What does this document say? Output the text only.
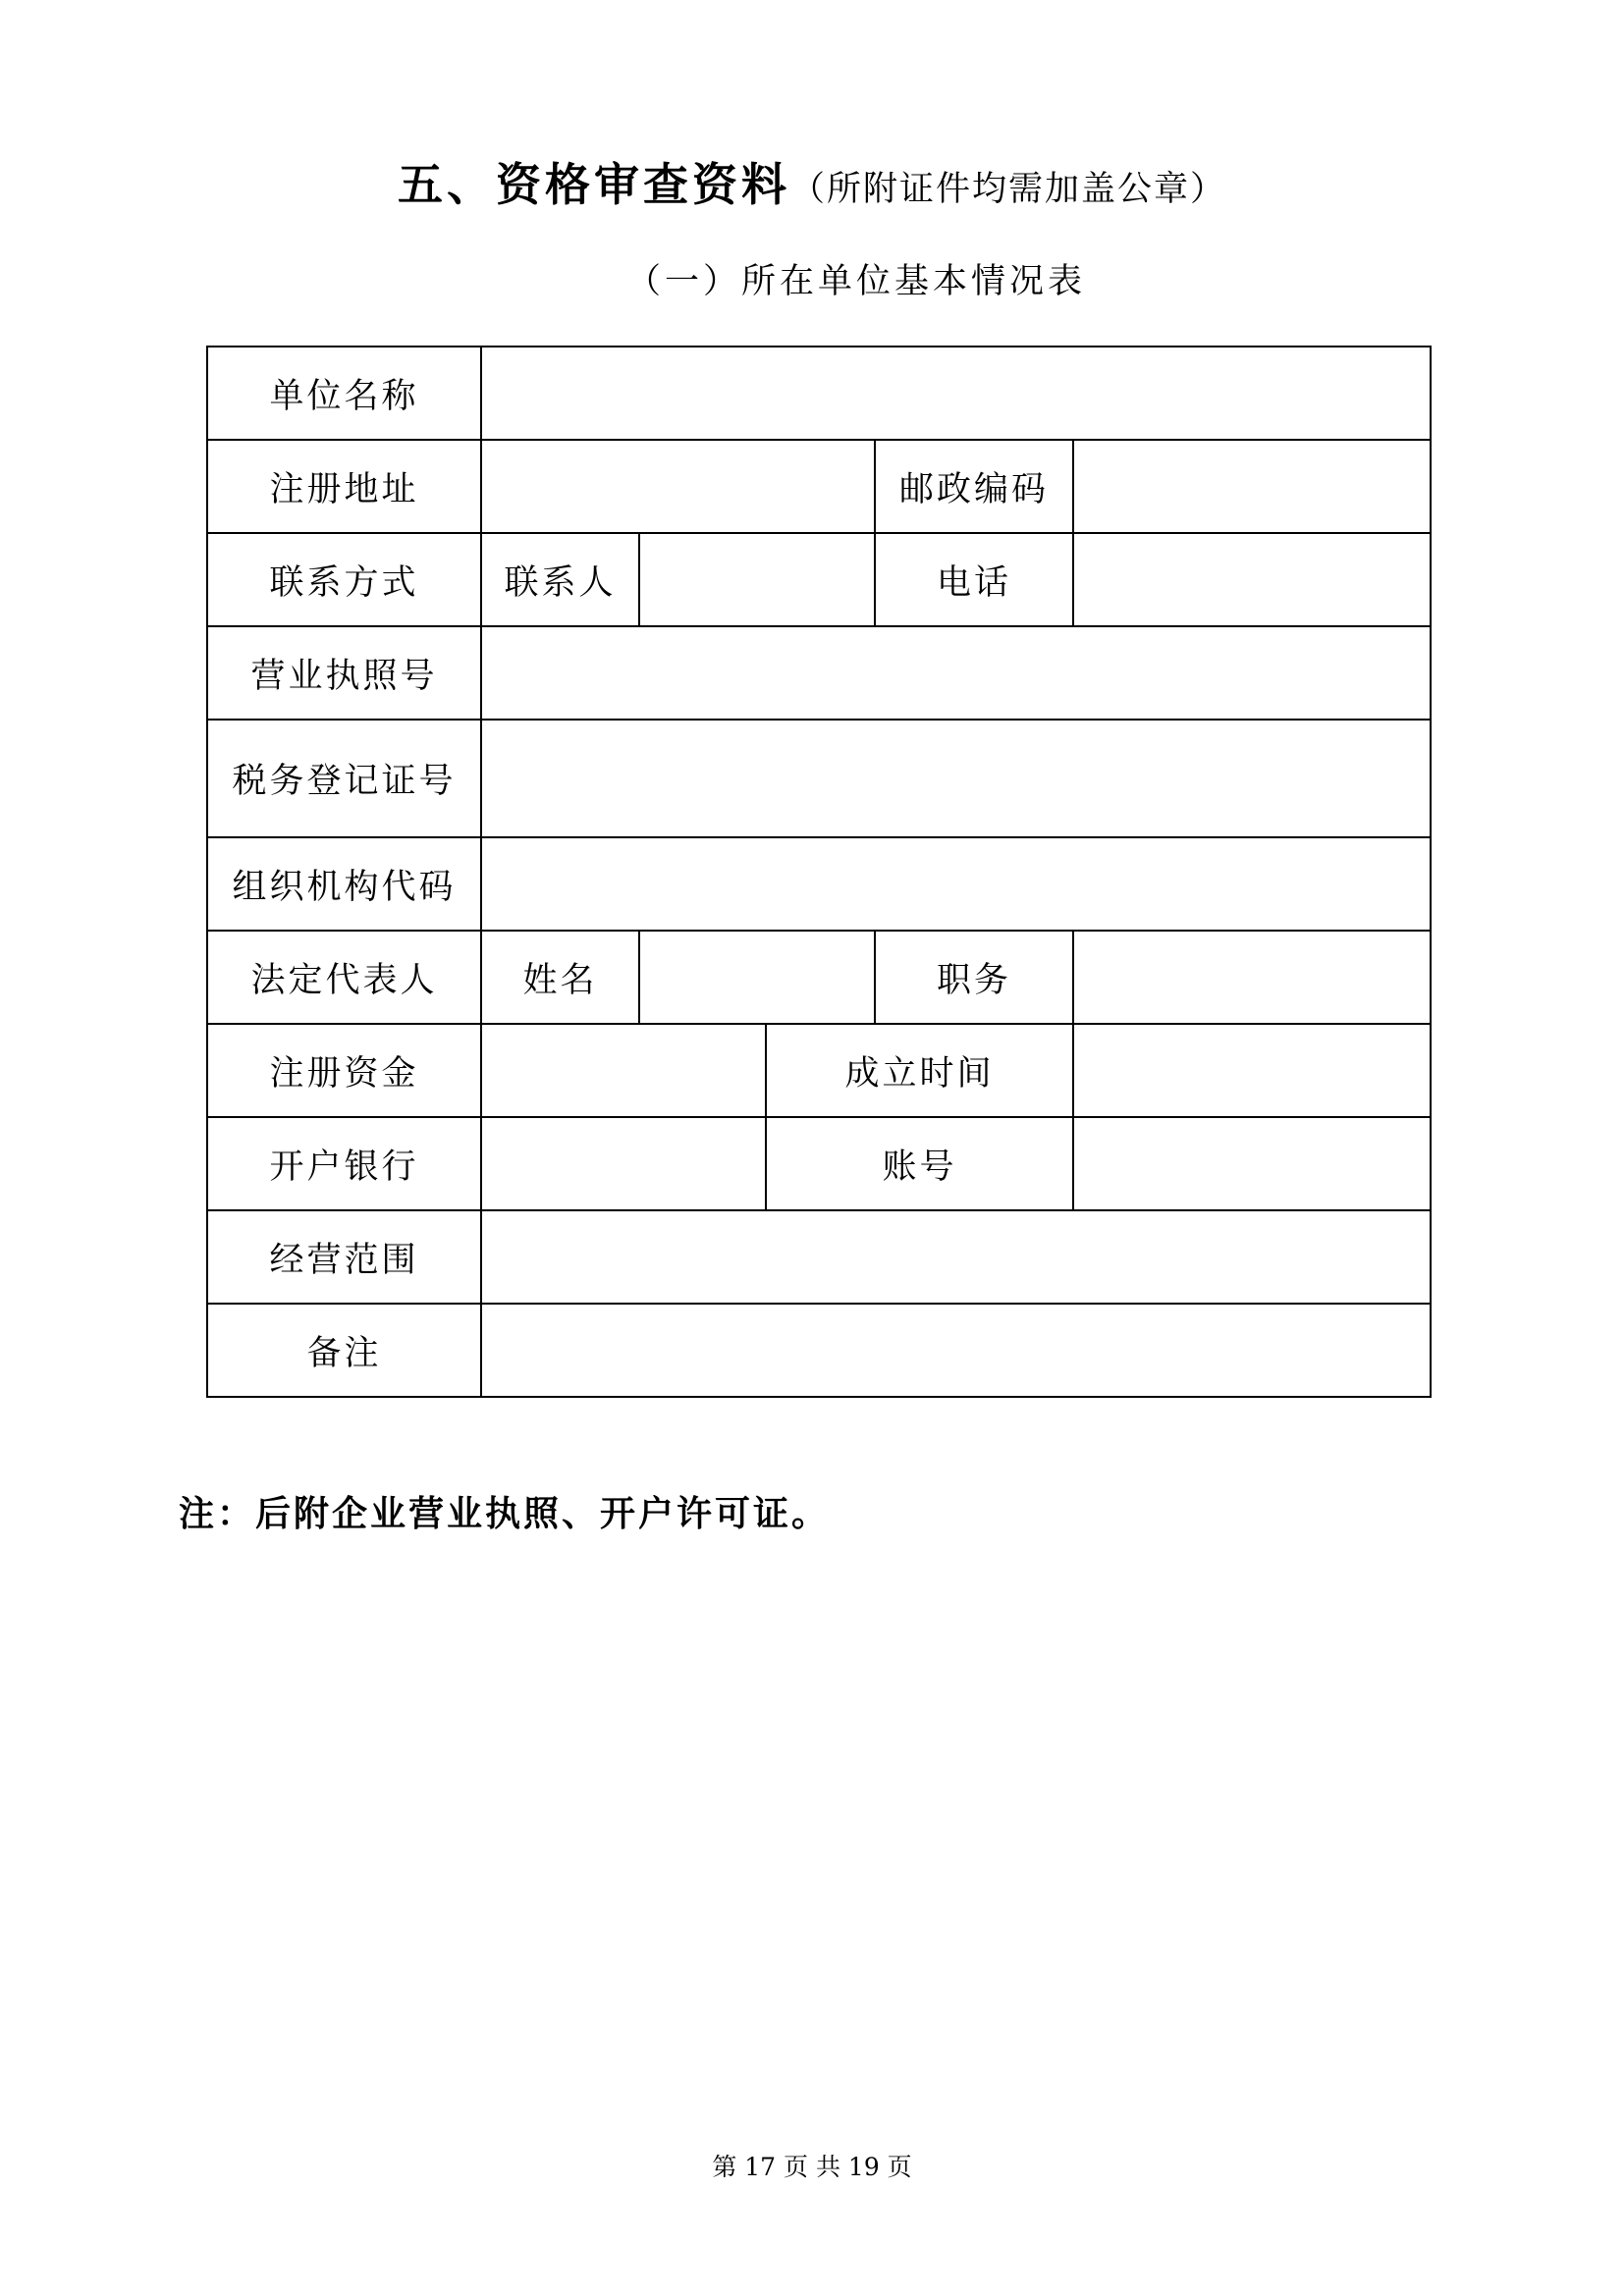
五、资格审查资料（所附证件均需加盖公章）
（一）所在单位基本情况表
单位名称					
注册地址				邮政编码	
联系方式	联系人			电话	
营业执照号					
税务登记证号					
组织机构代码					
法定代表人	姓名			职务	
注册资金			成立时间		
开户银行			账号		
经营范围					
备注					
注：后附企业营业执照、开户许可证。
第 17 页 共 19 页
